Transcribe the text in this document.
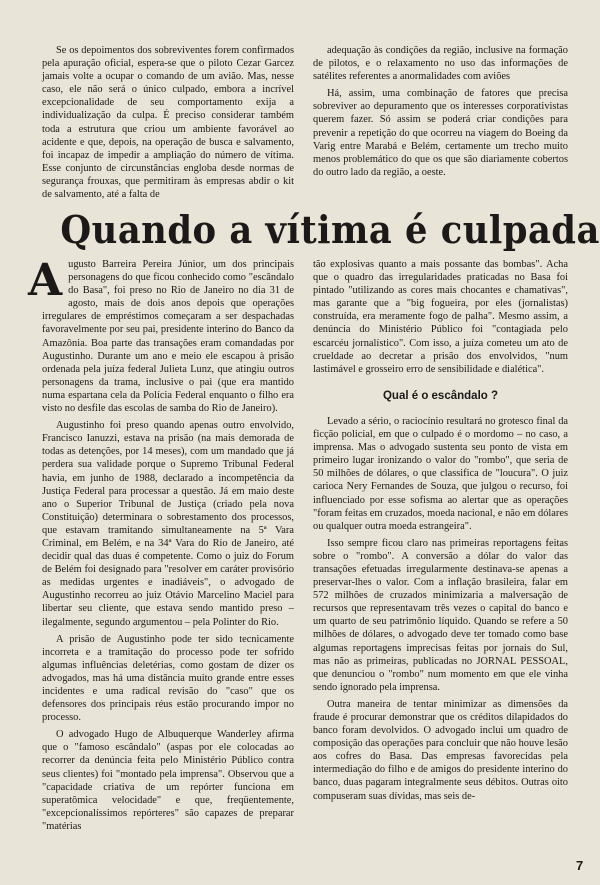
Se os depoimentos dos sobreviventes forem confirmados pela apuração oficial, espera-se que o piloto Cezar Garcez jamais volte a ocupar o comando de um avião. Mas, nesse caso, ele não será o único culpado, embora a incrível excepcionalidade de seu comportamento exija a individualização da culpa. É preciso considerar também toda a estrutura que criou um ambiente favorável ao acidente e que, depois, na operação de busca e salvamento, foi incapaz de impedir a ampliação do número de vítima. Esse conjunto de circunstâncias engloba desde normas de segurança frouxas, que permitiram às empresas abdir o kit de salvamento, até a falta de

adequação às condições da região, inclusive na formação de pilotos, e o relaxamento no uso das informações de satélites referentes a anormalidades com aviões

Há, assim, uma combinação de fatores que precisa sobreviver ao depuramento que os interesses corporativistas querem fazer. Só assim se poderá criar condições para prevenir a repetição do que ocorreu na viagem do Boeing da Varig entre Marabá e Belém, certamente um trecho muito menos problemático do que os que são diariamente cobertos do outro lado da região, a oeste.

Quando a vítima é culpada

Augusto Barreira Pereira Júnior, um dos principais personagens do que ficou conhecido como "escândalo do Basa", foi preso no Rio de Janeiro no dia 31 de agosto, mais de dois anos depois que operações irregulares de empréstimos começaram a ser despachadas favoravelmente por seu pai, presidente interino do Banco da Amazônia. Boa parte das transações eram comandadas por Augustinho. Durante um ano e meio ele escapou à prisão ordenada pela juíza federal Julieta Lunz, que atingiu outros personagens da trama, inclusive o pai (que era mantido numa espartana cela da Polícia Federal enquanto o filho era visto no desfile das escolas de samba do Rio de Janeiro).

Augustinho foi preso quando apenas outro envolvido, Francisco Ianuzzi, estava na prisão (na mais demorada de todas as detenções, por 14 meses), com um mandado que já perdera sua validade porque o Supremo Tribunal Federal havia, em junho de 1988, declarado a incompetência da Justiça Federal para processar a questão. Já em maio deste ano o Superior Tribunal de Justiça (criado pela nova Constituição) determinara o sobrestamento dos processos, que estavam tramitando simultaneamente na 5ª Vara Criminal, em Belém, e na 34ª Vara do Rio de Janeiro, até decidir qual das duas é competente. Como o juiz do Forum de Belém foi designado para "resolver em caráter provisório as medidas urgentes e inadiáveis", o advogado de Augustinho recorreu ao juiz Otávio Marcelino Maciel para libertar seu cliente, que estava sendo mantido preso – ilegalmente, segundo argumentou – pela Polinter do Rio.

A prisão de Augustinho pode ter sido tecnicamente incorreta e a tramitação do processo pode ter sofrido algumas influências deletérias, como gostam de dizer os advogados, mas há uma distância muito grande entre esses incidentes e uma radical revisão do "caso" que os defensores dos principais réus estão procurando impor no processo.

O advogado Hugo de Albuquerque Wanderley afirma que o "famoso escândalo" (aspas por ele colocadas ao recorrer da denúncia feita pelo Ministério Público contra seus clientes) foi "montado pela imprensa". Observou que a "capacidade criativa de um repórter funciona em superatômica velocidade" e que, freqüentemente, "excepcionalíssimos repórteres" são capazes de preparar "matérias

tão explosivas quanto a mais possante das bombas". Acha que o quadro das irregularidades praticadas no Basa foi pintado "utilizando as cores mais chocantes e chamativas", mas garante que a "big fogueira, por eles (jornalistas) construída, era meramente fogo de palha". Mesmo assim, a denúncia do Ministério Público foi "contagiada pelo escarcéu jornalístico". Com isso, a juíza cometeu um ato de crueldade ao decretar a prisão dos envolvidos, "num lastimável e grosseiro erro de sensibilidade e dialética".

Qual é o escândalo ?

Levado a sério, o raciocínio resultará no grotesco final da ficção policial, em que o culpado é o mordomo – no caso, a imprensa. Mas o advogado sustenta seu ponto de vista em primeiro lugar ironizando o valor do "rombo", que seria de 50 milhões de dólares, o que classifica de "loucura". O juiz carioca Nery Fernandes de Souza, que julgou o recurso, foi influenciado por esse sofisma ao alertar que as operações "foram feitas em cruzados, moeda nacional, e não em dólares ou qualquer outra moeda estrangeira".

Isso sempre ficou claro nas primeiras reportagens feitas sobre o "rombo". A conversão a dólar do valor das transações efetuadas irregularmente destinava-se apenas a preservar-lhes o valor. Com a inflação brasileira, falar em 572 milhões de cruzados minimizaria a malversação de recursos que representavam três vezes o capital do banco e um quarto de seu patrimônio líquido. Quando se refere a 50 milhões de dólares, o advogado deve ter tomado como base algumas reportagens imprecisas feitas por jornais do Sul, mas não as primeiras, publicadas no JORNAL PESSOAL, que denunciou o "rombo" num momento em que ele vinha sendo ignorado pela imprensa.

Outra maneira de tentar minimizar as dimensões da fraude é procurar demonstrar que os créditos dilapidados do banco foram devolvidos. O advogado inclui um quadro de composição das operações para concluir que não houve lesão aos cofres do Basa. Das empresas favorecidas pela intermediação do filho e de amigos do presidente interino do banco, duas pagaram integralmente seus débitos. Outras oito compuseram suas dívidas, mas seis de-

7
